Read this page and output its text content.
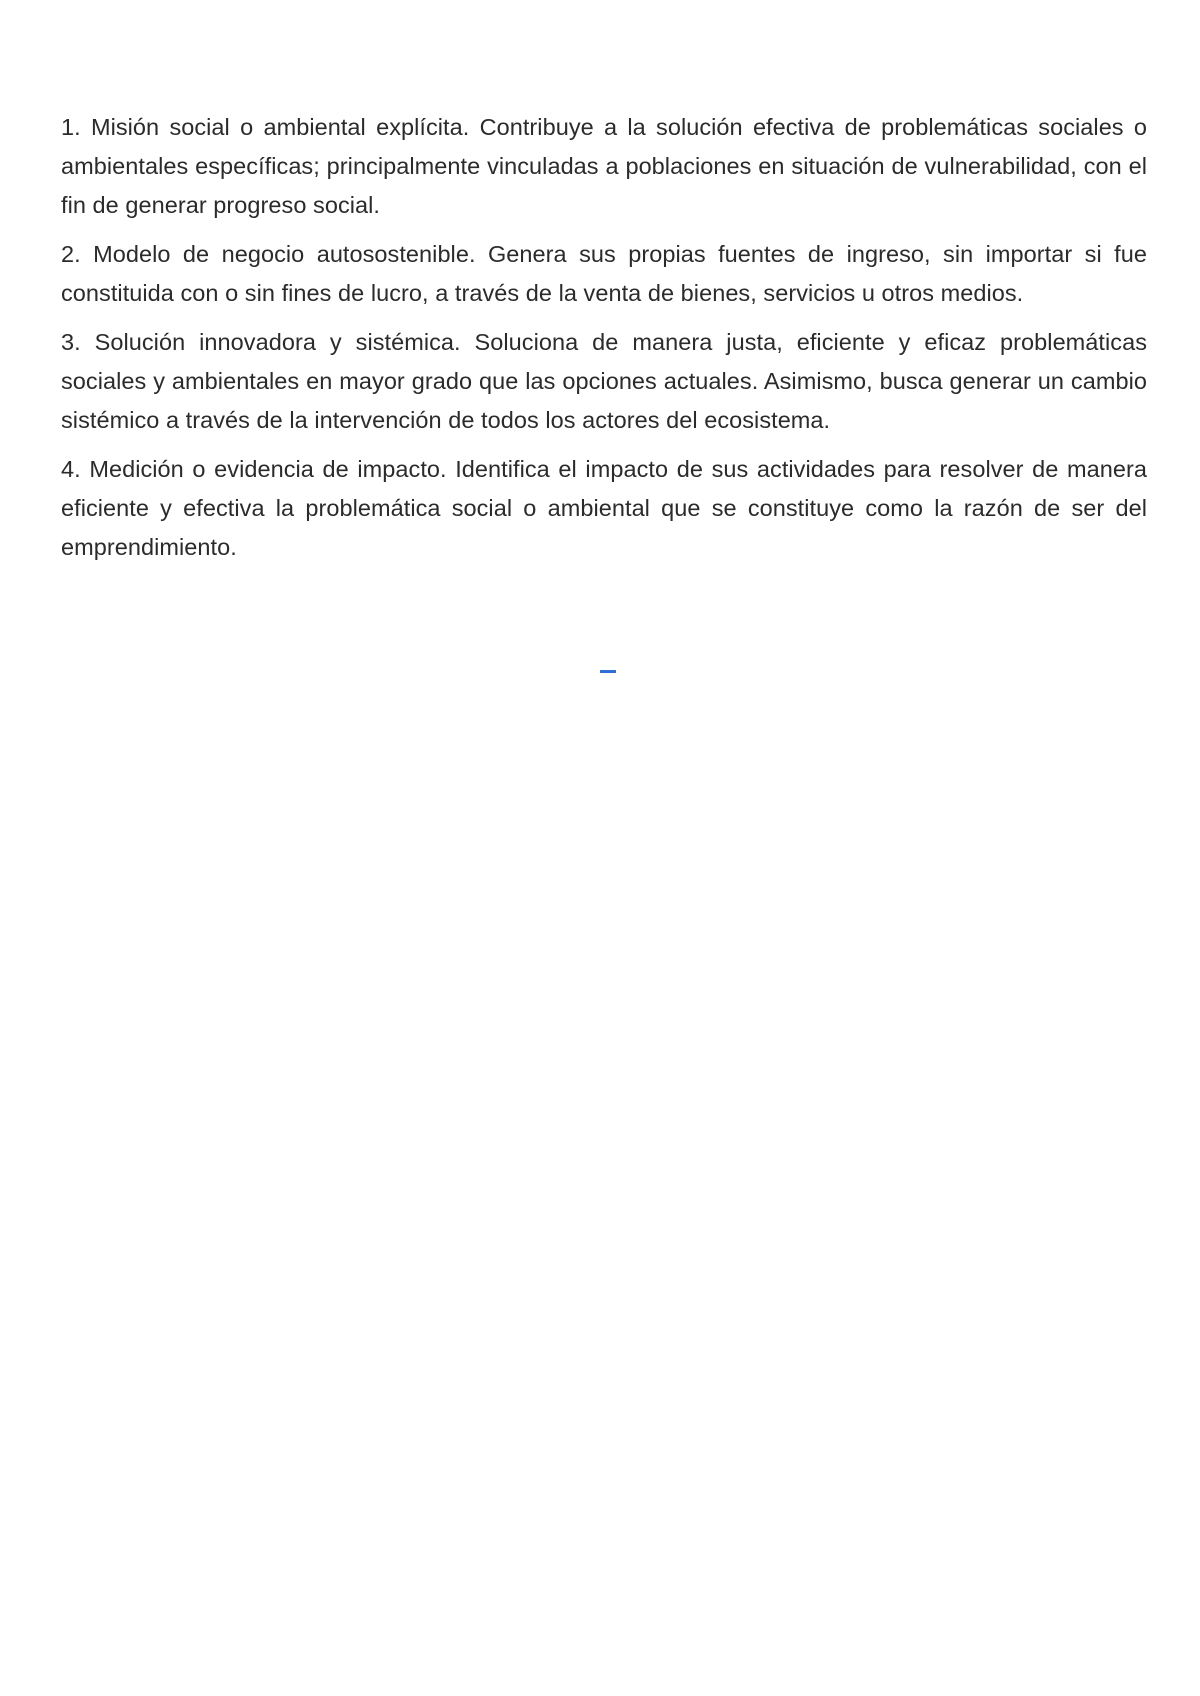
1. Misión social o ambiental explícita. Contribuye a la solución efectiva de problemáticas sociales o ambientales específicas; principalmente vinculadas a poblaciones en situación de vulnerabilidad, con el fin de generar progreso social.

2. Modelo de negocio autosostenible. Genera sus propias fuentes de ingreso, sin importar si fue constituida con o sin fines de lucro, a través de la venta de bienes, servicios u otros medios.

3. Solución innovadora y sistémica. Soluciona de manera justa, eficiente y eficaz problemáticas sociales y ambientales en mayor grado que las opciones actuales. Asimismo, busca generar un cambio sistémico a través de la intervención de todos los actores del ecosistema.

4. Medición o evidencia de impacto. Identifica el impacto de sus actividades para resolver de manera eficiente y efectiva la problemática social o ambiental que se constituye como la razón de ser del emprendimiento.
